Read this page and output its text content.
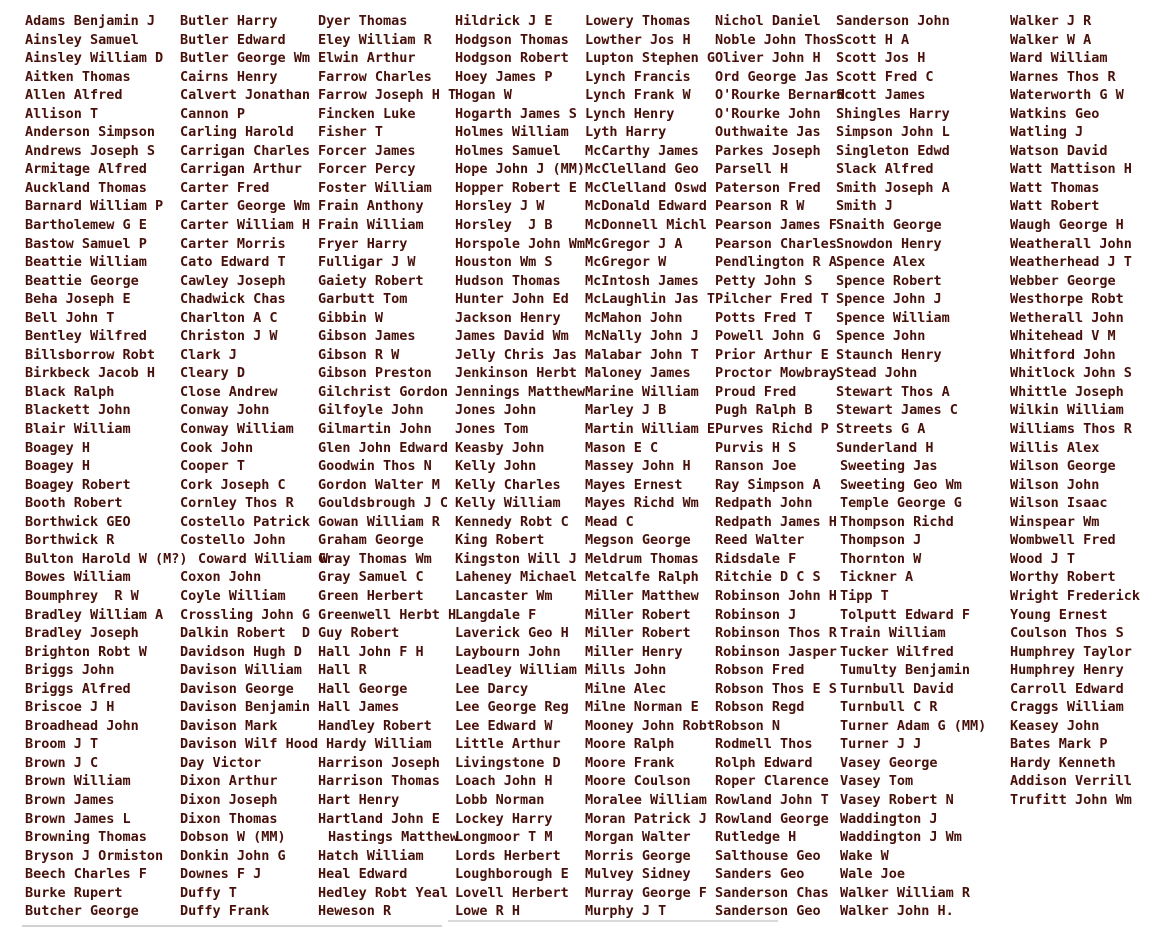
Adams Benjamin J
Ainsley Samuel
Ainsley William D
Aitken Thomas
Allen Alfred
Allison T
Anderson Simpson
Andrews Joseph S
Armitage Alfred
Auckland Thomas
Barnard William P
Bartholemew G E
Bastow Samuel P
Beattie William
Beattie George
Beha Joseph E
Bell John T
Bentley Wilfred
Billsborrow Robt
Birkbeck Jacob H
Black Ralph
Blackett John
Blair William
Boagey H
Boagey H
Boagey Robert
Booth Robert
Borthwick GEO
Borthwick R
Bulton Harold W (M?)
Bowes William
Boumphrey  R W
Bradley William A
Bradley Joseph
Brighton Robt W
Briggs John
Briggs Alfred
Briscoe J H
Broadhead John
Broom J T
Brown J C
Brown William
Brown James
Brown James L
Browning Thomas
Bryson J Ormiston
Beech Charles F
Burke Rupert
Butcher George
Butler Harry
Butler Edward
Butler George Wm
Cairns Henry
Calvert Jonathan
Cannon P
Carling Harold
Carrigan Charles
Carrigan Arthur
Carter Fred
Carter George Wm
Carter William H
Carter Morris
Cato Edward T
Cawley Joseph
Chadwick Chas
Charlton A C
Christon J W
Clark J
Cleary D
Close Andrew
Conway John
Conway William
Cook John
Cooper T
Cork Joseph C
Cornley Thos R
Costello Patrick
Costello John
Coward William W
Coxon John
Coyle William
Crossling John G
Dalkin Robert  D
Davidson Hugh D
Davison William
Davison George
Davison Benjamin
Davison Mark
Davison Wilf Hood
Day Victor
Dixon Arthur
Dixon Joseph
Dixon Thomas
Dobson W (MM)
Donkin John G
Downes F J
Duffy T
Duffy Frank
Dyer Thomas
Eley William R
Elwin Arthur
Farrow Charles
Farrow Joseph H T
Fincken Luke
Fisher T
Forcer James
Forcer Percy
Foster William
Frain Anthony
Frain William
Fryer Harry
Fulligar J W
Gaiety Robert
Garbutt Tom
Gibbin W
Gibson James
Gibson R W
Gibson Preston
Gilchrist Gordon
Gilfoyle John
Gilmartin John
Glen John Edward
Goodwin Thos N
Gordon Walter M
Gouldsbrough J C
Gowan William R
Graham George
Gray Thomas Wm
Gray Samuel C
Green Herbert
Greenwell Herbt H
Guy Robert
Hall John F H
Hall R
Hall George
Hall James
Handley Robert
Hardy William
Harrison Joseph
Harrison Thomas
Hart Henry
Hartland John E
Hastings Matthew
Hatch William
Heal Edward
Hedley Robt Yeal
Heweson R
Hildrick J E
Hodgson Thomas
Hodgson Robert
Hoey James P
Hogan W
Hogarth James S
Holmes William
Holmes Samuel
Hope John J (MM)
Hopper Robert E
Horsley J W
Horsley  J B
Horspole John Wm
Houston Wm S
Hudson Thomas
Hunter John Ed
Jackson Henry
James David Wm
Jelly Chris Jas
Jenkinson Herbt
Jennings Matthew
Jones John
Jones Tom
Keasby John
Kelly John
Kelly Charles
Kelly William
Kennedy Robt C
King Robert
Kingston Will J
Laheney Michael
Lancaster Wm
Langdale F
Laverick Geo H
Laybourn John
Leadley William
Lee Darcy
Lee George Reg
Lee Edward W
Little Arthur
Livingstone D
Loach John H
Lobb Norman
Lockey Harry
Longmoor T M
Lords Herbert
Loughborough E
Lovell Herbert
Lowe R H
Lowery Thomas
Lowther Jos H
Lupton Stephen G
Lynch Francis
Lynch Frank W
Lynch Henry
Lyth Harry
McCarthy James
McClelland Geo
McClelland Oswd
McDonald Edward
McDonnell Michl
McGregor J A
McGregor W
McIntosh James
McLaughlin Jas T
McMahon John
McNally John J
Malabar John T
Maloney James
Marine William
Marley J B
Martin William E
Mason E C
Massey John H
Mayes Ernest
Mayes Richd Wm
Mead C
Megson George
Meldrum Thomas
Metcalfe Ralph
Miller Matthew
Miller Robert
Miller Robert
Miller Henry
Mills John
Milne Alec
Milne Norman E
Mooney John Robt
Moore Ralph
Moore Frank
Moore Coulson
Moralee William
Moran Patrick J
Morgan Walter
Morris George
Mulvey Sidney
Murray George F
Murphy J T
Nichol Daniel
Noble John Thos
Oliver John H
Ord George Jas
O'Rourke Bernard
O'Rourke John
Outhwaite Jas
Parkes Joseph
Parsell H
Paterson Fred
Pearson R W
Pearson James F
Pearson Charles
Pendlington R A
Petty John S
Pilcher Fred T
Potts Fred T
Powell John G
Prior Arthur E
Proctor Mowbray
Proud Fred
Pugh Ralph B
Purves Richd P
Purvis H S
Ranson Joe
Ray Simpson A
Redpath John
Redpath James H
Reed Walter
Ridsdale F
Ritchie D C S
Robinson John H
Robinson J
Robinson Thos R
Robinson Jasper
Robson Fred
Robson Thos E S
Robson Regd
Robson N
Rodmell Thos
Rolph Edward
Roper Clarence
Rowland John T
Rowland George
Rutledge H
Salthouse Geo
Sanders Geo
Sanderson Chas
Sanderson Geo
Sanderson John
Scott H A
Scott Jos H
Scott Fred C
Scott James
Shingles Harry
Simpson John L
Singleton Edwd
Slack Alfred
Smith Joseph A
Smith J
Snaith George
Snowdon Henry
Spence Alex
Spence Robert
Spence John J
Spence William
Spence John
Staunch Henry
Stead John
Stewart Thos A
Stewart James C
Streets G A
Sunderland H
Sweeting Jas
Sweeting Geo Wm
Temple George G
Thompson Richd
Thompson J
Thornton W
Tickner A
Tipp T
Tolputt Edward F
Train William
Tucker Wilfred
Tumulty Benjamin
Turnbull David
Turnbull C R
Turner Adam G (MM)
Turner J J
Vasey George
Vasey Tom
Vasey Robert N
Waddington J
Waddington J Wm
Wake W
Wale Joe
Walker William R
Walker John H.
Walker J R
Walker W A
Ward William
Warnes Thos R
Waterworth G W
Watkins Geo
Watling J
Watson David
Watt Mattison H
Watt Thomas
Watt Robert
Waugh George H
Weatherall John
Weatherhead J T
Webber George
Westhorpe Robt
Wetherall John
Whitehead V M
Whitford John
Whitlock John S
Whittle Joseph
Wilkin William
Williams Thos R
Willis Alex
Wilson George
Wilson John
Wilson Isaac
Winspear Wm
Wombwell Fred
Wood J T
Worthy Robert
Wright Frederick
Young Ernest
Coulson Thos S
Humphrey Taylor
Humphrey Henry
Carroll Edward
Craggs William
Keasey John
Bates Mark P
Hardy Kenneth
Addison Verrill
Trufitt John Wm
